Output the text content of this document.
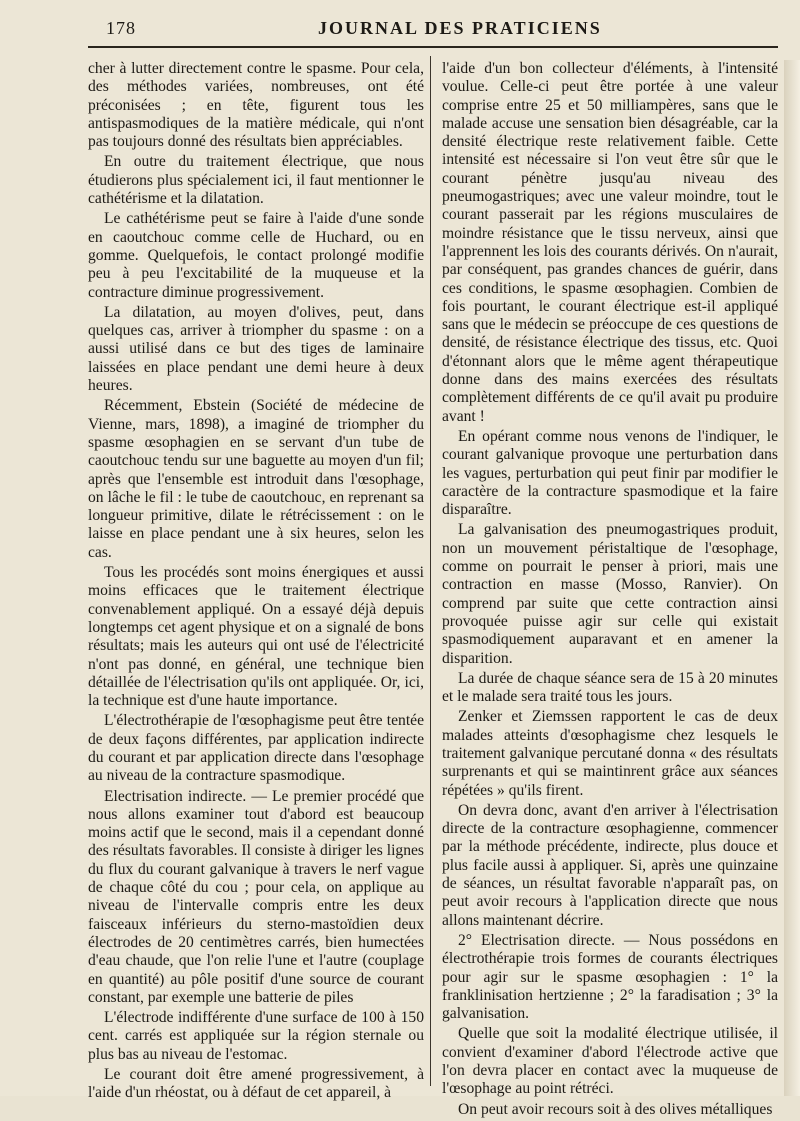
178	JOURNAL DES PRATICIENS

cher à lutter directement contre le spasme. Pour cela, des méthodes variées, nombreuses, ont été préconisées ; en tête, figurent tous les antispasmodiques de la matière médicale, qui n'ont pas toujours donné des résultats bien appréciables.

En outre du traitement électrique, que nous étudierons plus spécialement ici, il faut mentionner le cathétérisme et la dilatation.

Le cathétérisme peut se faire à l'aide d'une sonde en caoutchouc comme celle de Huchard, ou en gomme. Quelquefois, le contact prolongé modifie peu à peu l'excitabilité de la muqueuse et la contracture diminue progressivement.

La dilatation, au moyen d'olives, peut, dans quelques cas, arriver à triompher du spasme : on a aussi utilisé dans ce but des tiges de laminaire laissées en place pendant une demi heure à deux heures.

Récemment, Ebstein (Société de médecine de Vienne, mars, 1898), a imaginé de triompher du spasme œsophagien en se servant d'un tube de caoutchouc tendu sur une baguette au moyen d'un fil; après que l'ensemble est introduit dans l'œsophage, on lâche le fil : le tube de caoutchouc, en reprenant sa longueur primitive, dilate le rétrécissement : on le laisse en place pendant une à six heures, selon les cas.

Tous les procédés sont moins énergiques et aussi moins efficaces que le traitement électrique convenablement appliqué. On a essayé déjà depuis longtemps cet agent physique et on a signalé de bons résultats; mais les auteurs qui ont usé de l'électricité n'ont pas donné, en général, une technique bien détaillée de l'électrisation qu'ils ont appliquée. Or, ici, la technique est d'une haute importance.

L'électrothérapie de l'œsophagisme peut être tentée de deux façons différentes, par application indirecte du courant et par application directe dans l'œsophage au niveau de la contracture spasmodique.

Electrisation indirecte. — Le premier procédé que nous allons examiner tout d'abord est beaucoup moins actif que le second, mais il a cependant donné des résultats favorables. Il consiste à diriger les lignes du flux du courant galvanique à travers le nerf vague de chaque côté du cou ; pour cela, on applique au niveau de l'intervalle compris entre les deux faisceaux inférieurs du sterno-mastoïdien deux électrodes de 20 centimètres carrés, bien humectées d'eau chaude, que l'on relie l'une et l'autre (couplage en quantité) au pôle positif d'une source de courant constant, par exemple une batterie de piles

L'électrode indifférente d'une surface de 100 à 150 cent. carrés est appliquée sur la région sternale ou plus bas au niveau de l'estomac.

Le courant doit être amené progressivement, à l'aide d'un rhéostat, ou à défaut de cet appareil, à

l'aide d'un bon collecteur d'éléments, à l'intensité voulue. Celle-ci peut être portée à une valeur comprise entre 25 et 50 milliampères, sans que le malade accuse une sensation bien désagréable, car la densité électrique reste relativement faible. Cette intensité est nécessaire si l'on veut être sûr que le courant pénètre jusqu'au niveau des pneumogastriques; avec une valeur moindre, tout le courant passerait par les régions musculaires de moindre résistance que le tissu nerveux, ainsi que l'apprennent les lois des courants dérivés. On n'aurait, par conséquent, pas grandes chances de guérir, dans ces conditions, le spasme œsophagien. Combien de fois pourtant, le courant électrique est-il appliqué sans que le médecin se préoccupe de ces questions de densité, de résistance électrique des tissus, etc. Quoi d'étonnant alors que le même agent thérapeutique donne dans des mains exercées des résultats complètement différents de ce qu'il avait pu produire avant !

En opérant comme nous venons de l'indiquer, le courant galvanique provoque une perturbation dans les vagues, perturbation qui peut finir par modifier le caractère de la contracture spasmodique et la faire disparaître.

La galvanisation des pneumogastriques produit, non un mouvement péristaltique de l'œsophage, comme on pourrait le penser à priori, mais une contraction en masse (Mosso, Ranvier). On comprend par suite que cette contraction ainsi provoquée puisse agir sur celle qui existait spasmodiquement auparavant et en amener la disparition.

La durée de chaque séance sera de 15 à 20 minutes et le malade sera traité tous les jours.

Zenker et Ziemssen rapportent le cas de deux malades atteints d'œsophagisme chez lesquels le traitement galvanique percutané donna « des résultats surprenants et qui se maintinrent grâce aux séances répétées » qu'ils firent.

On devra donc, avant d'en arriver à l'électrisation directe de la contracture œsophagienne, commencer par la méthode précédente, indirecte, plus douce et plus facile aussi à appliquer. Si, après une quinzaine de séances, un résultat favorable n'apparaît pas, on peut avoir recours à l'application directe que nous allons maintenant décrire.

2° Electrisation directe. — Nous possédons en électrothérapie trois formes de courants électriques pour agir sur le spasme œsophagien : 1° la franklinisation hertzienne ; 2° la faradisation ; 3° la galvanisation.

Quelle que soit la modalité électrique utilisée, il convient d'examiner d'abord l'électrode active que l'on devra placer en contact avec la muqueuse de l'œsophage au point rétréci.

On peut avoir recours soit à des olives métalliques
